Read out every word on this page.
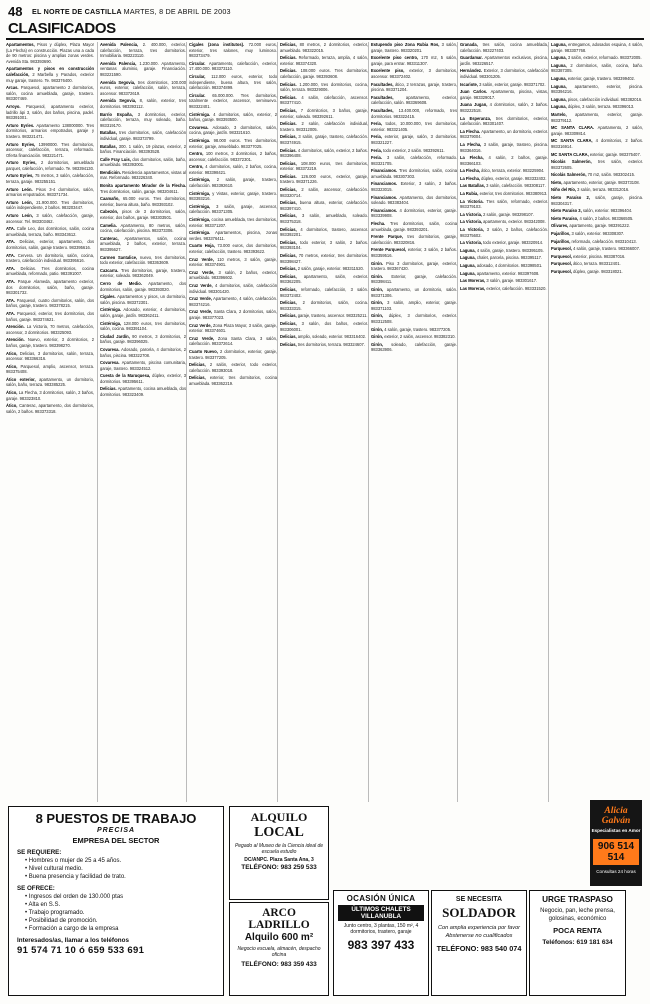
48 EL NORTE DE CASTILLA MARTES, 8 DE ABRIL DE 2003
CLASIFICADOS

Apartamentos, Pisos y dúplex, Plaza Mayor (La Flecha) en construcción. Plazas una a cada de 90 metros: piscina y amplias zonas verdes. Avenida Sta. 983393690.

Apartamentos y pisos en construcción calefacción, 2 Marbella y Parados, exterior muy garaje, trastero. Te. 983376400.

Arcas. Parquesol, apartamento 2 dormitorios, salón, cocina amueblada, garaje, trastero. 983307469.

Arroyo. Parquesol, apartamento exterior, ladrillo ápi 3, salón, dos baños, piscina, padel. 983391001.

Arturo Eyries. Apartamento 138000000. Tres dormitorios, armarios empotrados, garaje y trastero. 983221471.

Arturo Eyries, 13990000. Tres dormitorios, ascensor, calefacción, terraza, reformado. Oferta financiación. 983221471.

Arturo Eyries, 2 dormitorios, amueblado parquet, calefacción, reformado. Te. 983394130.

Arturo Eyries, 75 metros, 3 salón, calefacción, terraza, garaje. 983255151.

Arturo León. Pisos 3-4 dormitorios, salón, armarios empotrados. 983371734.

Arturo León, 21.900.000. Tres dormitorios, salón independiente, 2 baños. 983203447.

Arturo León, 3 salón, calefacción, garaje, ascensor. Tel. 983303462.

ATA. Calle Leo, dos dormitorios, salón, cocina amueblada, terraza, baño. 983343612.

ATA. Delicias, exterior, apartamento, dos dormitorios, salón, garaje trastero. 983395616.

ATA. Cervera. Un dormitorio, salón, cocina, trastero, calefacción individual. 983395616.

ATA. Delicias. Tres dormitorios, cocina amueblada, reformado, patio. 983391007.

ATA. Parque Alameda, apartamento exterior, dos dormitorios, salón, baño, garaje. 983301732.

ATA. Parquesol, cuatro dormitorios, salón, dos baños, garaje, trastero. 983378215.

ATA. Parquesol, exterior, tres dormitorios, dos baños, garaje. 983374621.

Atención. La Victoria, 70 metros, calefacción, ascensor, 3 dormitorios. 983325093.

Atención. Nuevo, exterior, 3 dormitorios, 2 baños, garaje, trastero. 983398270.

Atico, Delicias, 3 dormitorios, salón, terraza, ascensor. 983366316.

Atico, Parquesol, amplio, ascensor, terraza. 983375408.

Ático exterior, apartamento, un dormitorio, salón, baño, terraza. 983385225.

Ático, La Flecha, 3 dormitorios, salón, 2 baños, garaje. 983323810.

Ático, Canterac, apartamento, dos dormitorios, salón, 2 baños. 983373318.

Avenida Palencia, 2. 400.000, exterior, calefacción, terraza, tres dormitorios. Inmobiliaria. 983223110.

Avenida Palencia, 1.230.000. Apartamento, ventanas aluminio, garaje. Financiación. 983221590.

Avenida Segovia, tres dormitorios, 100.000 euros, exterior, calefacción, salón, terraza, ascensor. 983372619.

Avenida Segovia, 8, salón, exterior, tres dormitorios. 983393112.

Barrio España, 3 dormitorios, exterior, calefacción, terraza, muy soleado, baño. 983319170.

Batallas, tres dormitorios, salón, calefacción individual, garaje. 983373799.

Batallas, 300. 1 salón, 19 plazas, exterior, 2 baños. Financiación. 983393528.

Calle Fray Luis, dos dormitorios, salón, baño, amueblado. 983393001.

Bendición. Residencia apartamentos, vistas al mar. Reformado. 983226340.

Bonita apartamento Mirador de la Flecha. Tres dormitorios, salón, garaje. 983204611.

Caamaño, 65.000 euros. Tres dormitorios, exterior, buena altura, baño. 983393102.

Cabezón, pisos de 3 dormitorios, salón, exterior, dos baños, garaje. 983303501.

Camelia. Apartamento, 80 metros, salón, cocina, calefacción, piscina. 983373306.

Canterac, Apartamentos, salón, cocina amueblada, 2 baños, exterior, terraza. 983395627.

Carmen Santalice, nuevo, tres dormitorios, todo exterior, calefacción. 983363609.

Cazcarra. Tres dormitorios, garaje, trastero, exterior, soleado. 983362049.

Cerro de Medio. Apartamento, dos dormitorios, salón, garaje. 983393020.

Cigales. Apartamentos y pisos, un dormitorio, salón, piscina. 983372301.

Cistérniga. Adosado, exterior, 4 dormitorios, salón, garaje, jardín. 983362411.

Cistérniga, 128.000 euros, tres dormitorios, salón, cocina. 983391104.

Ciudad Jardín, 90 metros, 3 dormitorios, 2 baños, garaje. 983396025.

Covaresa. Adosado, parcela, 4 dormitorios, 2 baños, piscina. 983322708.

Covaresa. Apartamento, piscina comunitaria, garaje, trastero. 983324512.

Cuesta de la Maruquesa, dúplex, exterior, 3 dormitorios. 983395611.

Delicias. Apartamento, cocina amueblada, dos dormitorios. 983323409.

Cigales (zona institutos). 72.000 euros, exterior, tres salones, muy luminoso. 983373479.

Circular. Apartamento, calefacción, exterior, 17.400.000. 983373110.

Circular, 112.000 euros, exterior, todo independiente, buena altura, tres salón, calefacción. 983374899.

Circular. 65.000.000. Tres dormitorios, totalmente exterior, ascensor, seminuevo. 983322401.

Cistérniga. 4 dormitorios, salón, exterior, 2 baños, garaje. 983393500.

Covaresa. Adosado, 3 dormitorios, salón, cocina, garaje, jardín. 983321610.

Cistérniga. 98.000 euros. Tres dormitorios, exterior, garaje, amueblado. 983377025.

Centro, 100 metros, 3 dormitorios, 2 baños, ascensor, calefacción. 983372301.

Centro, 4 dormitorios, salón, 2 baños, cocina, exterior. 983398421.

Cistérniga, 2 salón, garaje, trastero, calefacción. 983392610.

Cistérniga, y Vistas, exterior, garaje, trastero. 983393216.

Cistérniga, 3 salón, garaje, ascensor, calefacción. 983371305.

Cistérniga, cocina amueblada, tres dormitorios, exterior. 983371207.

Cistérniga. Apartamentos, piscina, zonas verdes. 983376411.

Cuarto Hoja, 73.000 euros, dos dormitorios, exterior, calefacción, trastero. 983393622.

Cruz Verde, 110 metros, 3 salón, garaje, exterior. 983374901.

Cruz Verde, 3 salón, 2 baños, exterior, amueblado. 983396602.

Cruz Verde, 4 dormitorios, salón, calefacción individual. 983301420.

Cruz Verde, Apartamento, 4 salón, calefacción. 983374216.

Cruz Verde, Santa Clara, 2 dormitorios, salón, garaje. 983377023.

Cruz Verde, Zona Plaza Mayor, 3 salón, garaje, exterior. 983374601.

Cruz Verde, Zona Santa Clara, 3 salón, calefacción. 983372614.

Cuarto Nuevo, 2 dormitorios, exterior, garaje, trastero. 983377205.

Delicias, 2 salón, exterior, todo exterior, calefacción. 983393018.

Delicias, exterior, tres dormitorios, cocina amueblada. 983362219.

Delicias, 80 metros, 2 dormitorios, exterior, amueblado. 983322015.

Delicias. Reformado, terraza, amplia, 4 salón, exterior. 983374320.

Delicias. 108.000 euros. Tres dormitorios, calefacción, garaje. 983393608.

Delicias. 1.200.000, tres dormitorios, cocina, salón, terraza. 983329006.

Delicias. 4 salón, calefacción, ascensor. 983377410.

Delicias, 7 dormitorios, 3 baños, garaje, exterior, soleado. 983392611.

Delicias. 2 salón, calefacción individual, trastero. 983312005.

Delicias, 3 salón, garaje, trastero, calefacción. 983374915.

Delicias. 4 dormitorios, salón, exterior, 2 baños. 983396408.

Delicias, 108.000 euros, tres dormitorios, exterior. 983372219.

Delicias. 126.000 euros, exterior, garaje, trastero. 983371226.

Delicias, 2 salón, ascensor, calefacción. 983320714.

Delicias, buena altura, exterior, calefacción. 983397410.

Delicias, 3 salón, amueblado, soleado. 983375318.

Delicias, 4 dormitorios, trastero, ascensor. 983392201.

Delicias, todo exterior, 3 salón, 2 baños. 983393104.

Delicias, 70 metros, exterior, tres dormitorios. 983398427.

Delicias, 2 salón, garaje, exterior. 983311520.

Delicias, apartamento, salón, exterior. 983362205.

Delicias, reformado, calefacción, 3 salón. 983372402.

Delicias, 2 dormitorios, salón, cocina. 983333315.

Delicias, garaje, trastero, ascensor. 983325211.

Delicias, 3 salón, dos baños, exterior. 983306001.

Delicias, amplio, soleado, exterior. 983316402.

Delicias, tres dormitorios, terraza. 983324607.

Estupendo piso Zona Rubia Ros, 3 salón, garaje, trastero. 983320201.

Excelente piso centro, 170 m2, 5 salón, garaje, para entrar. 983311307.

Excelente piso, exterior, 3 dormitorios, ascensor. 983372402.

Facultades, ático, 2 terrazas, garaje, trastero, piscina. 983371204.

Facultades, apartamento, exterior, calefacción, salón. 983369608.

Facultades, 13.400.000, reformado, tres dormitorios. 983322415.

Feria, todos, 10.000.000, tres dormitorios, exterior. 983321405.

Feria, exterior, garaje, salón, 3 dormitorios. 983321227.

Feria, todo exterior, 2 salón. 983392611.

Feria. 3 salón, calefacción, reformado. 983321705.

Financiamos. Tres dormitorios, salón, cocina amueblada. 983307303.

Financiamos. Exterior, 3 salón, 2 baños. 983323015.

Financiamos. Apartamento, dos dormitorios, soleado. 983383404.

Financiamos. 4 dormitorios, exterior, garaje. 983339908.

Flecha. Tres dormitorios, salón, cocina amueblada, garaje. 983393201.

Frente Parque, tres dormitorios, garaje, calefacción. 983320816.

Frente Parquesol, exterior, 3 salón, 2 baños. 983359516.

Girón. Piso 3 dormitorios, garaje, exterior, trastero. 983367420.

Girón. Exterior, garaje, calefacción. 983398411.

Girón, apartamento, un dormitorio, salón. 983371306.

Girón, 3 salón, amplio, exterior, garaje. 983371103.

Girón, dúplex, 3 dormitorios, exterior. 983312508.

Girón, 4 salón, garaje, trastero. 983377205.

Girón, exterior, 2 salón, ascensor. 983382310.

Girón, soleado, calefacción, garaje. 983363906.

Granada, tres salón, cocina amueblada, calefacción. 983227403.

Guardamar. Apartamentos exclusivos, piscina, jardín. 983226517.

Hernández. Exterior, 3 dormitorios, calefacción individual. 983301205.

Iscariote, 3 salón, exterior, garaje. 983371702.

Juan Carlos. Apartamento, piscina, vistas, garaje. 983329017.

Juana Jugan, 4 dormitorios, salón, 2 baños. 983222518.

La Esperanza, tres dormitorios, exterior, calefacción. 983301407.

La Flecha. Apartamento, un dormitorio, exterior. 983379004.

La Flecha, 3 salón, garaje, trastero, piscina. 983364016.

La Flecha, 4 salón, 2 baños, garaje. 983366103.

La Flecha, ático, terraza, exterior. 983225904.

La Flecha, dúplex, exterior, garaje. 983332402.

Las Batallas, 3 salón, calefacción. 983308117.

La Rubia, exterior, tres dormitorios. 983380913.

La Victoria. Tres salón, reformado, exterior. 983379103.

La Victoria, 2 salón, garaje. 983298107.

La Victoria, apartamento, exterior. 983342008.

La Victoria, 3 salón, 2 baños, calefacción. 983375602.

La Victoria, todo exterior, garaje. 983320914.

Laguna, 4 salón, garaje, trastero. 983395105.

Laguna, chalet, parcela, piscina. 983395117.

Laguna, adosado, 4 dormitorios. 983398501.

Laguna, apartamento, exterior. 983397608.

Las Moreras, 3 salón, garaje. 983301617.

Las Moreras, exterior, calefacción. 983331520.

Laguna, entregamos, adosados esquina, 4 salón, garaje. 983307768.

Laguna, 3 salón, exterior, reformado. 983372005.

Laguna, 2 dormitorios, salón, cocina, baño. 983387305.

Laguna, exterior, garaje, trastero. 983399402.

Laguna, apartamento, exterior, piscina. 983394216.

Laguna, pisos, calefacción individual. 983382016.

Laguna, dúplex, 3 salón, terraza. 983396013.

Martelo, apartamento, exterior, garaje. 983379112.

MC SANTA CLARA. Apartamento, 2 salón, garaje. 983309814.

MC SANTA CLARA, 4 dormitorios, 2 baños. 983316914.

MC SANTA CLARA, exterior, garaje. 983375407.

Nicolás Salmerón, tres salón, exterior. 983372605.

Nicolás Salmerón, 70 m2, salón. 983302415.

Nieto, apartamento, exterior, garaje. 983373108.

Niño del Río, 3 salón, terraza. 983312016.

Nieto Paraíso 2, salón, garaje, piscina. 983304317.

Nieto Paraíso 3, salón, exterior. 983396404.

Nieto Paraíso, 4 salón, 2 baños. 983366505.

Olivares, apartamento, garaje. 983391222.

Pajarillos, 3 salón, exterior. 983308307.

Pajarillos, reformado, calefacción. 983310413.

Parquesol, 4 salón, garaje, trastero. 983366007.

Parquesol, exterior, piscina. 983387016.

Parquesol, ático, terraza. 983312401.

Parquesol, dúplex, garaje. 983318021.

8 PUESTOS DE TRABAJO
PRECISA
EMPRESA DEL SECTOR
SE REQUIERE:
• Hombres o mujer de 25 a 45 años.
• Nivel cultural medio.
• Buena presencia y facilidad de trato.
SE OFRECE:
• Ingresos del orden de 130.000 ptas
• Alta en S.S.
• Trabajo programado.
• Posibilidad de promoción.
• Formación a cargo de la empresa
Interesados/as, llamar a los teléfonos
91 574 71 10 ó 659 533 691
ALQUILO
LOCAL
Pegado al Museo de la Ciencia ideal de escuela estudio
DC/ANPC. Plaza Santa Ana, 3
TELÉFONO: 983 259 533
ARCO LADRILLO
Alquilo 600 m²
Negocio escuela, almacén, despacho oficina
TELÉFONO: 983 359 433
OCASIÓN ÚNICA
ÚLTIMOS CHALETS VILLANUBLA
Junto centro, 3 plantas, 150 m², 4 dormitorios, trastero, garaje
983 397 433
SE NECESITA
SOLDADOR
Con amplia experiencia por favor Abstenerse no cualificados
TELÉFONO: 983 540 074
URGE TRASPASO
Negocio, pan, leche prensa, golosinas, económico
POCA RENTA
Teléfonos: 619 181 634
Alicia Galván
Especialistas en Amor
906 514 514
Consultas 24 horas
